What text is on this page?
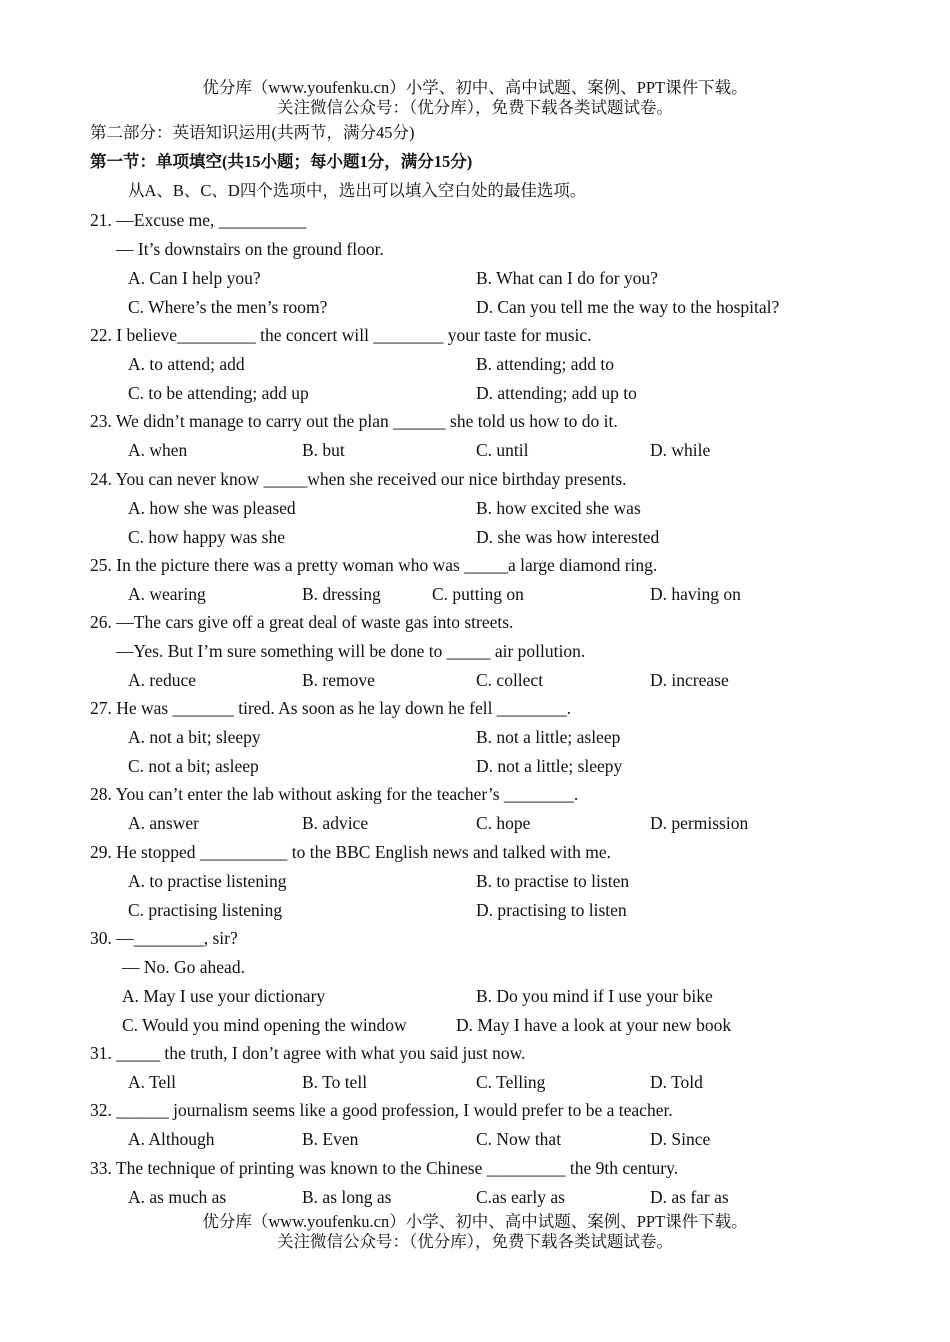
优分库（www.youfenku.cn）小学、初中、高中试题、案例、PPT课件下载。
关注微信公众号：（优分库），免费下载各类试题试卷。
第二部分：英语知识运用(共两节，满分45分)
第一节：单项填空(共15小题；每小题1分，满分15分)
从A、B、C、D四个选项中，选出可以填入空白处的最佳选项。
21. —Excuse me, __________
— It’s downstairs on the ground floor.
A. Can I help you?	B. What can I do for you?
C. Where’s the men’s room?	D. Can you tell me the way to the hospital?
22. I believe_________ the concert will ________ your taste for music.
A. to attend; add	B. attending; add to
C. to be attending; add up	D. attending; add up to
23. We didn’t manage to carry out the plan ______ she told us how to do it.
A. when	B. but	C. until	D. while
24. You can never know _____when she received our nice birthday presents.
A. how she was pleased	B. how excited she was
C. how happy was she	D. she was how interested
25. In the picture there was a pretty woman who was _____a large diamond ring.
A. wearing	B. dressing	C. putting on	D. having on
26. —The cars give off a great deal of waste gas into streets.
—Yes. But I’m sure something will be done to _____ air pollution.
A. reduce	B. remove	C. collect	D. increase
27. He was _______ tired. As soon as he lay down he fell ________.
A. not a bit; sleepy	B. not a little; asleep
C. not a bit; asleep	D. not a little; sleepy
28. You can’t enter the lab without asking for the teacher’s ________.
A. answer	B. advice	C. hope	D. permission
29. He stopped __________ to the BBC English news and talked with me.
A. to practise listening	B. to practise to listen
C. practising listening	D. practising to listen
30. —________, sir?
— No. Go ahead.
A. May I use your dictionary	B. Do you mind if I use your bike
C. Would you mind opening the window	D. May I have a look at your new book
31. _____ the truth, I don’t agree with what you said just now.
A. Tell	B. To tell	C. Telling	D. Told
32. ______ journalism seems like a good profession, I would prefer to be a teacher.
A. Although	B. Even	C. Now that	D. Since
33. The technique of printing was known to the Chinese _________ the 9th century.
A. as much as	B. as long as	C.as early as	D. as far as
优分库（www.youfenku.cn）小学、初中、高中试题、案例、PPT课件下载。
关注微信公众号：（优分库），免费下载各类试题试卷。
